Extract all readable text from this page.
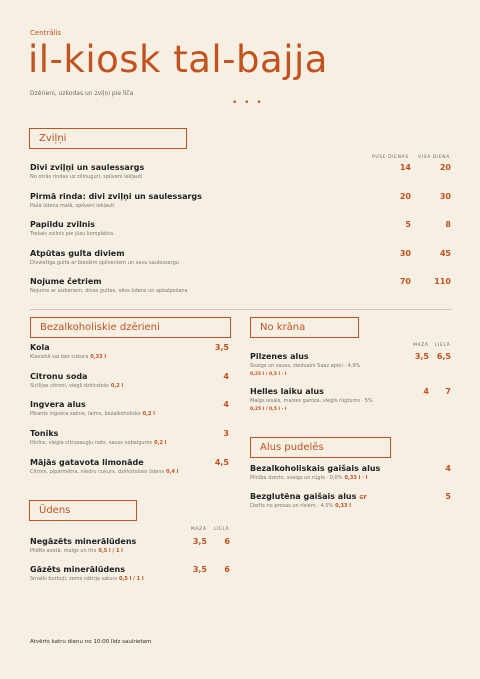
Centrālis
il-kiosk tal-bajja
Dzērieni, uzkodas un zviļņi pie līča
• • •
Zviļņi
PUSE DIENAS VISA DIENA
Divi zviļņi un saulessargs
No otrās rindas uz zilinuguri, spilveni iekļauti
14	20
Pirmā rinda: divi zviļņi un saulessargs
Pašā ūdens malā, spilveni iekļauti
20	30
Papildu zvilnis
Trešais zvilnis pie jūsu komplekta
5	8
Atpūtas gulta diviem
Divvietīga gulta ar biezāim spilveniem un savu saulessargu
30	45
Nojume četriem
Nojume ar aizkariem, divas gultas, vēss ūdens un apkalpošana
70	110
Bezalkoholiskie dzērieni
Kola
Klasiskā vai bez cukura 0,33 l
3,5
Citronu soda
Sicīlijas citroni, viegli dzirkstošs 0,2 l
4
Ingvera alus
Pikants ingvera sakne, laims, bezalkoholisks 0,2 l
4
Toniks
Hinīns, viegla citrusaugļu nots, sauss nobeigums 0,2 l
3
Mājās gatavota limonāde
Citroni, piparmētra, niedru cukurs, dzirkstošais ūdens 0,4 l
4,5
Ūdens
MAZĀ LIELĀ
Negāzēts minerālūdens
Pildīts avotā, maigs un tīrs 0,5 l / 1 l
3,5 6
Gāzēts minerālūdens
Smalki burbuļi, zems nātrija saturs 0,5 l / 1 l
3,5 6
No krāna
MAZĀ LIELĀ
Pilzenes alus
Svaigs un sauss, zieduaini Saaz apiņi · 4,9%
0,25 l / 0,5 l · l
3,5 6,5
Helles laiku alus
Maigs iesals, maizes garoza, viegls rūgtums · 5%
0,25 l / 0,5 l · l
4 7
Alus pudelēs
Bezalkoholiskais gaišais alus
Pilnība dzerts, svaigs un rūgts · 0,0% 0,33 l · l
4
Bezglutēna gaišais alus GF
Darīts no prosas un rīsiem · 4,5% 0,33 l
5
Atvērts katru dienu no 10:00 līdz saulrietam
